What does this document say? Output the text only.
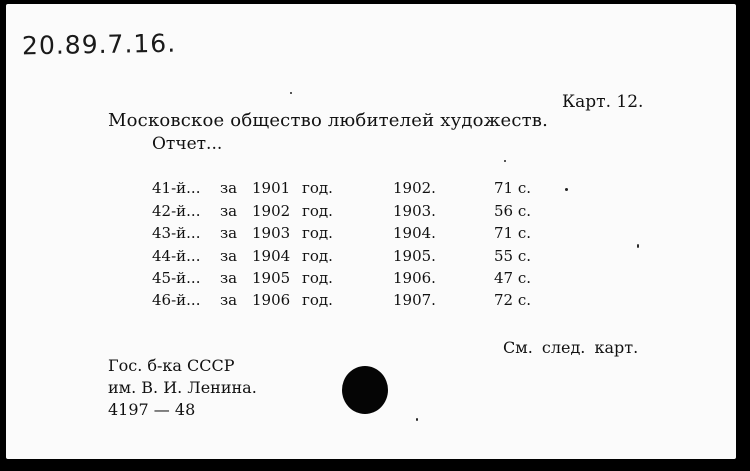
20.89.7.16.
Карт. 12.
Московское общество любителей художеств.
Отчет...
41-й... за 1901 год.	1902.	71 с.
42-й... за 1902 год.	1903.	56 с.
43-й... за 1903 год.	1904.	71 с.
44-й... за 1904 год.	1905.	55 с.
45-й... за 1905 год.	1906.	47 с.
46-й... за 1906 год.	1907.	72 с.
См. след. карт.
Гос. б-ка СССР
им. В. И. Ленина.
4197 — 48
